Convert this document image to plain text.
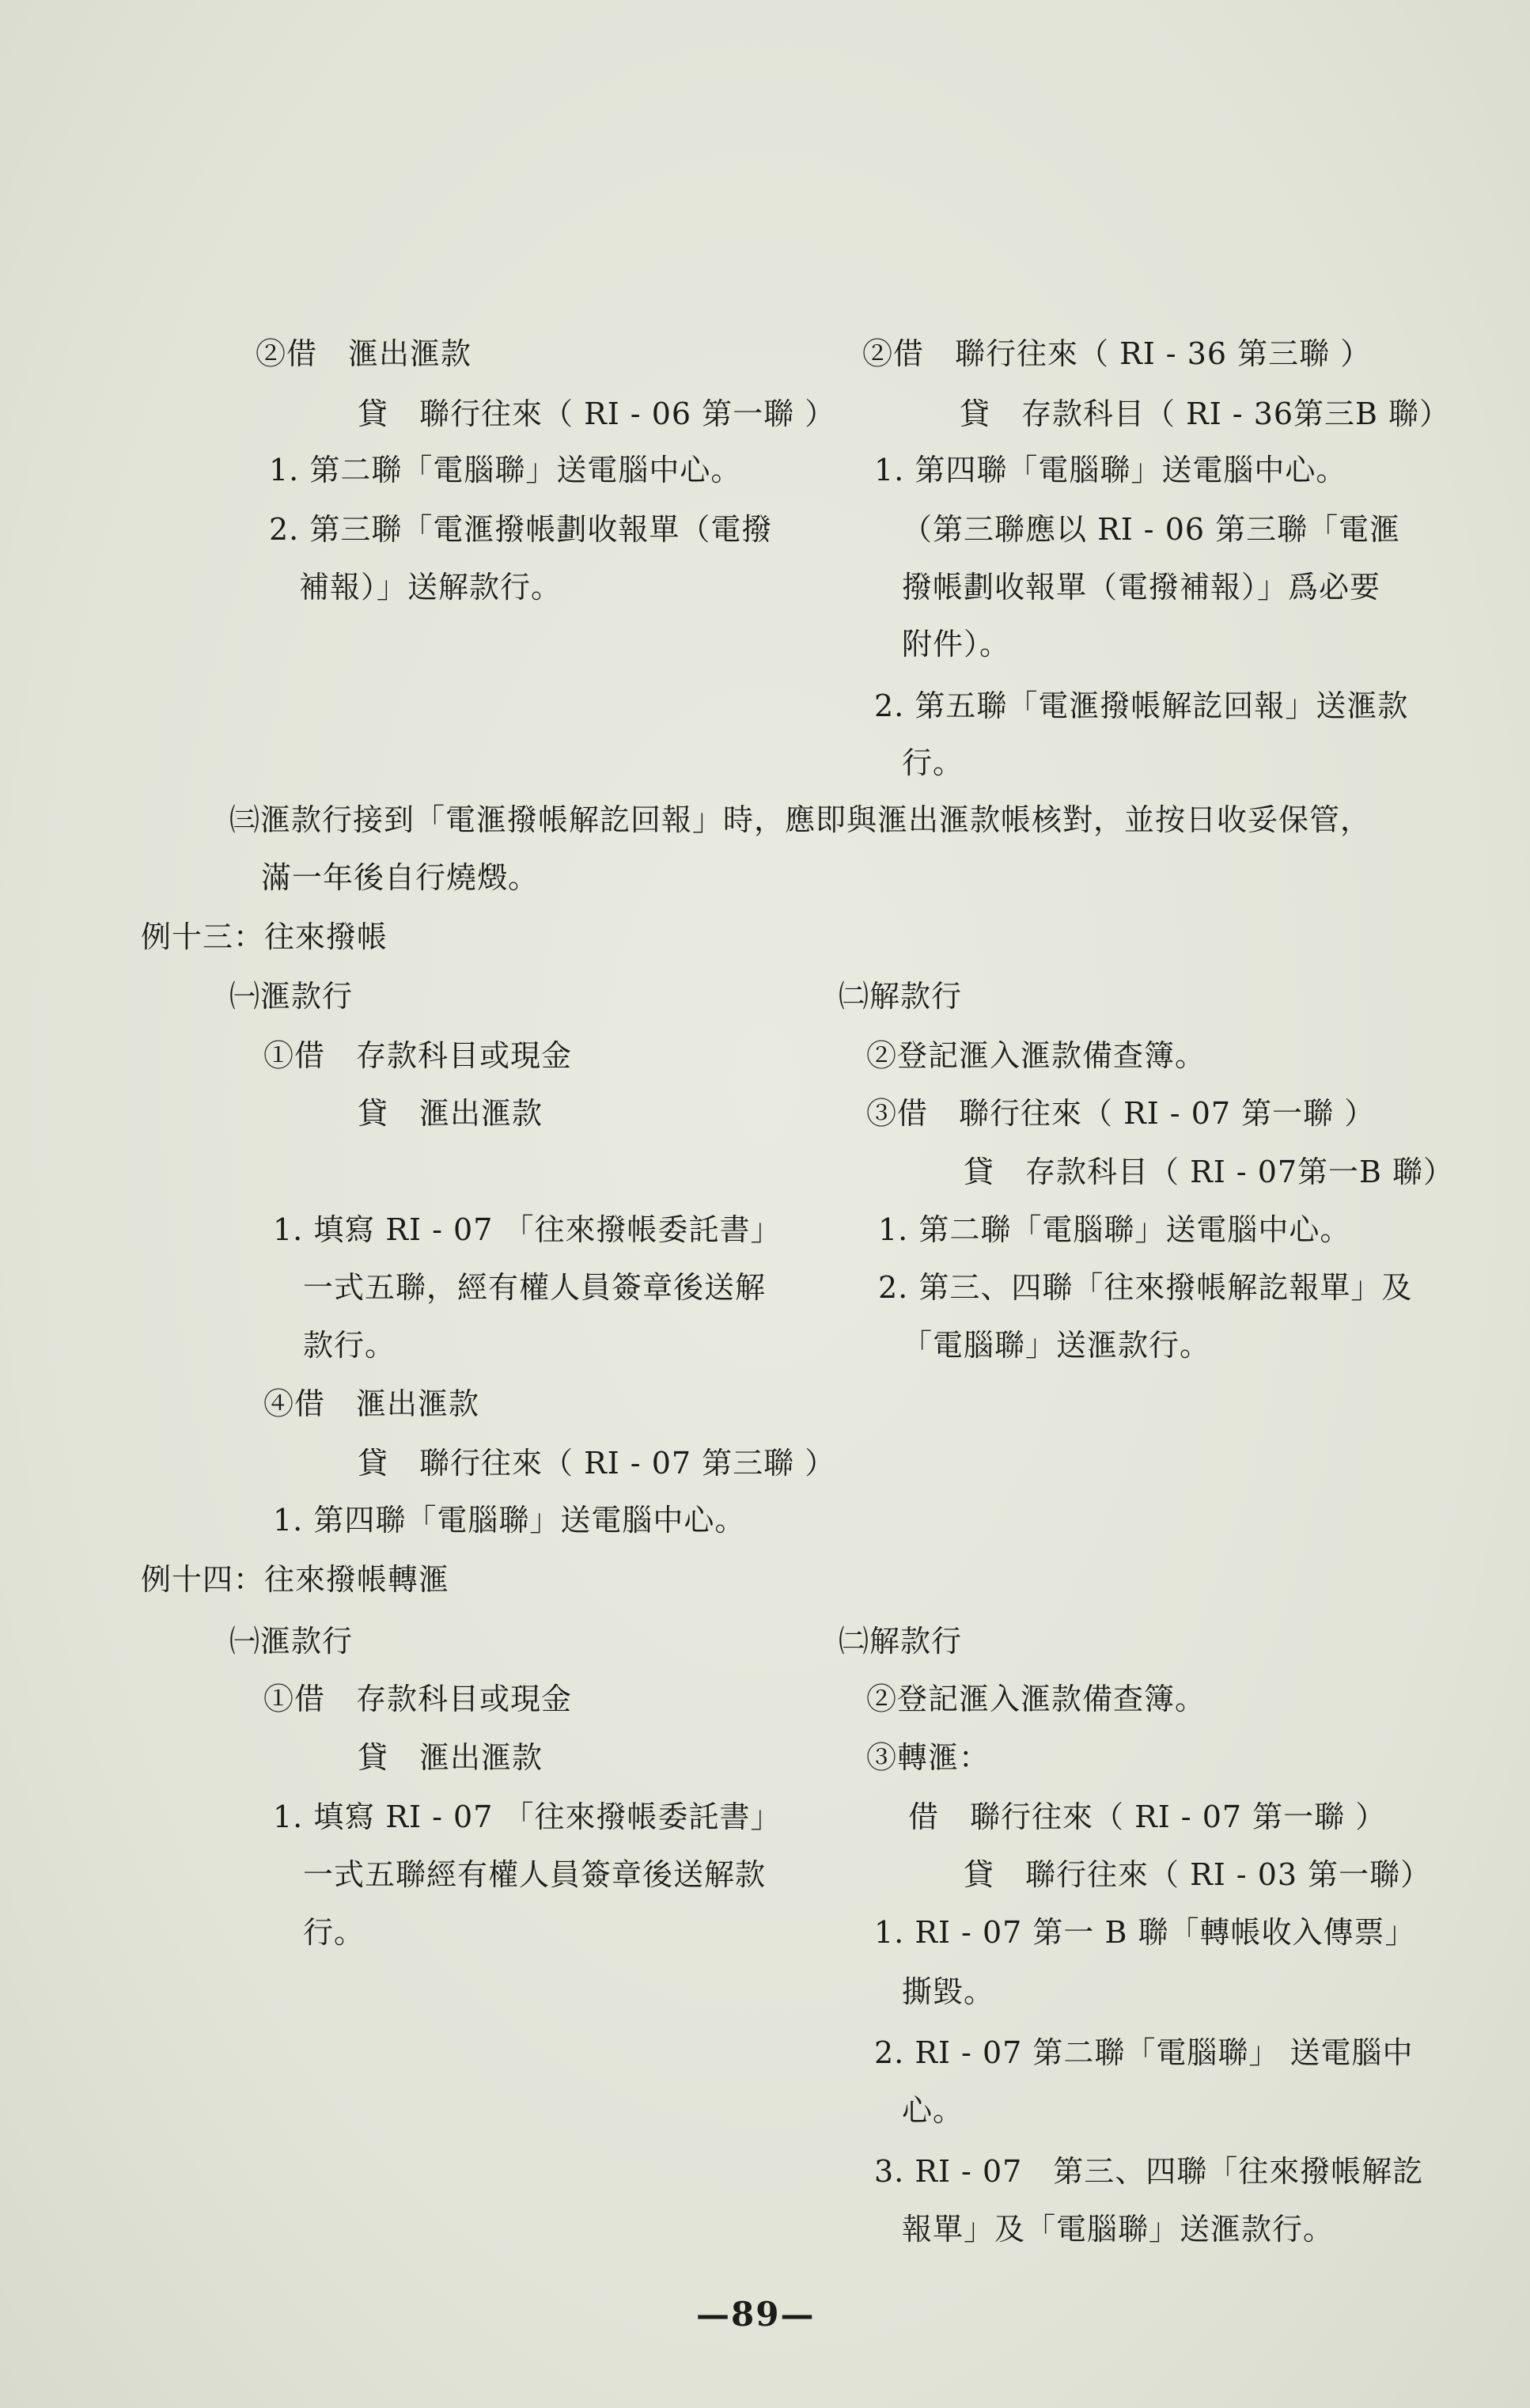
②借　滙出滙款
貸　聯行往來（ RI - 06 第一聯 ）
1. 第二聯「電腦聯」送電腦中心。
2. 第三聯「電滙撥帳劃收報單（電撥
補報）」送解款行。
②借　聯行往來（ RI - 36 第三聯 ）
貸　存款科目（ RI - 36第三B 聯）
1. 第四聯「電腦聯」送電腦中心。
（第三聯應以 RI - 06 第三聯「電滙
撥帳劃收報單（電撥補報）」爲必要
附件）。
2. 第五聯「電滙撥帳解訖回報」送滙款
行。
㈢滙款行接到「電滙撥帳解訖回報」時，應即與滙出滙款帳核對，並按日收妥保管，
滿一年後自行燒燬。
例十三：往來撥帳
㈠滙款行
①借　存款科目或現金
貸　滙出滙款
1. 填寫 RI - 07 「往來撥帳委託書」
一式五聯，經有權人員簽章後送解
款行。
④借　滙出滙款
貸　聯行往來（ RI - 07 第三聯 ）
1. 第四聯「電腦聯」送電腦中心。
㈡解款行
②登記滙入滙款備查簿。
③借　聯行往來（ RI - 07 第一聯 ）
貸　存款科目（ RI - 07第一B 聯）
1. 第二聯「電腦聯」送電腦中心。
2. 第三、四聯「往來撥帳解訖報單」及
「電腦聯」送滙款行。
例十四：往來撥帳轉滙
㈠滙款行
①借　存款科目或現金
貸　滙出滙款
1. 填寫 RI - 07 「往來撥帳委託書」
一式五聯經有權人員簽章後送解款
行。
㈡解款行
②登記滙入滙款備查簿。
③轉滙：
借　聯行往來（ RI - 07 第一聯 ）
貸　聯行往來（ RI - 03 第一聯）
1. RI - 07 第一 B 聯「轉帳收入傳票」
撕毀。
2. RI - 07 第二聯「電腦聯」 送電腦中
心。
3. RI - 07　第三、四聯「往來撥帳解訖
報單」及「電腦聯」送滙款行。
—89—
